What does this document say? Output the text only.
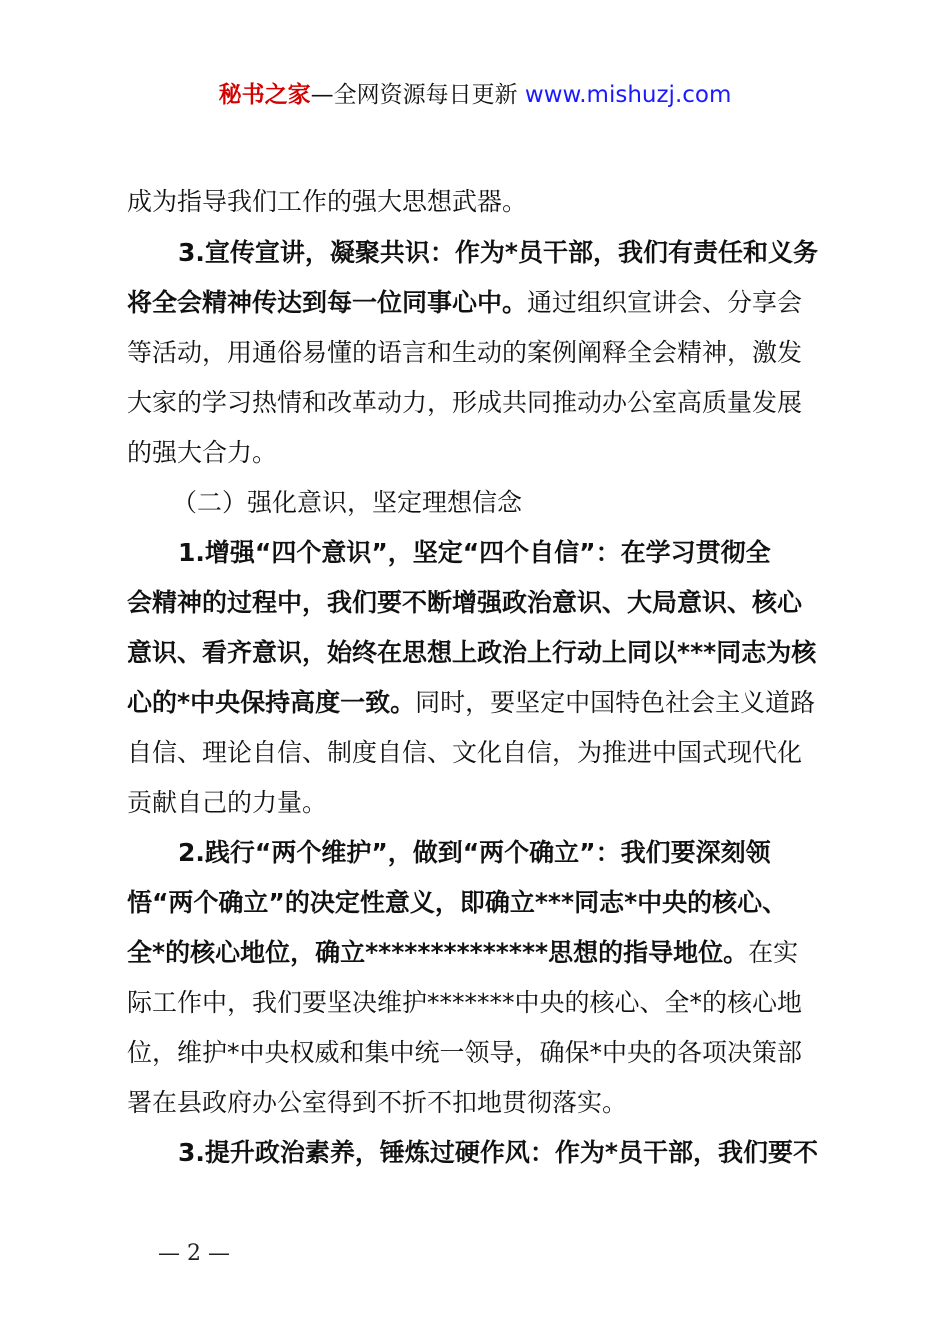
秘书之家—全网资源每日更新 www.mishuzj.com
成为指导我们工作的强大思想武器。
3.宣传宣讲，凝聚共识：作为*员干部，我们有责任和义务
将全会精神传达到每一位同事心中。通过组织宣讲会、分享会
等活动，用通俗易懂的语言和生动的案例阐释全会精神，激发
大家的学习热情和改革动力，形成共同推动办公室高质量发展
的强大合力。
（二）强化意识，坚定理想信念
1.增强“四个意识”，坚定“四个自信”：在学习贯彻全
会精神的过程中，我们要不断增强政治意识、大局意识、核心
意识、看齐意识，始终在思想上政治上行动上同以***同志为核
心的*中央保持高度一致。同时，要坚定中国特色社会主义道路
自信、理论自信、制度自信、文化自信，为推进中国式现代化
贡献自己的力量。
2.践行“两个维护”，做到“两个确立”：我们要深刻领
悟“两个确立”的决定性意义，即确立***同志*中央的核心、
全*的核心地位，确立**************思想的指导地位。在实
际工作中，我们要坚决维护*******中央的核心、全*的核心地
位，维护*中央权威和集中统一领导，确保*中央的各项决策部
署在县政府办公室得到不折不扣地贯彻落实。
3.提升政治素养，锤炼过硬作风：作为*员干部，我们要不
— 2 —
